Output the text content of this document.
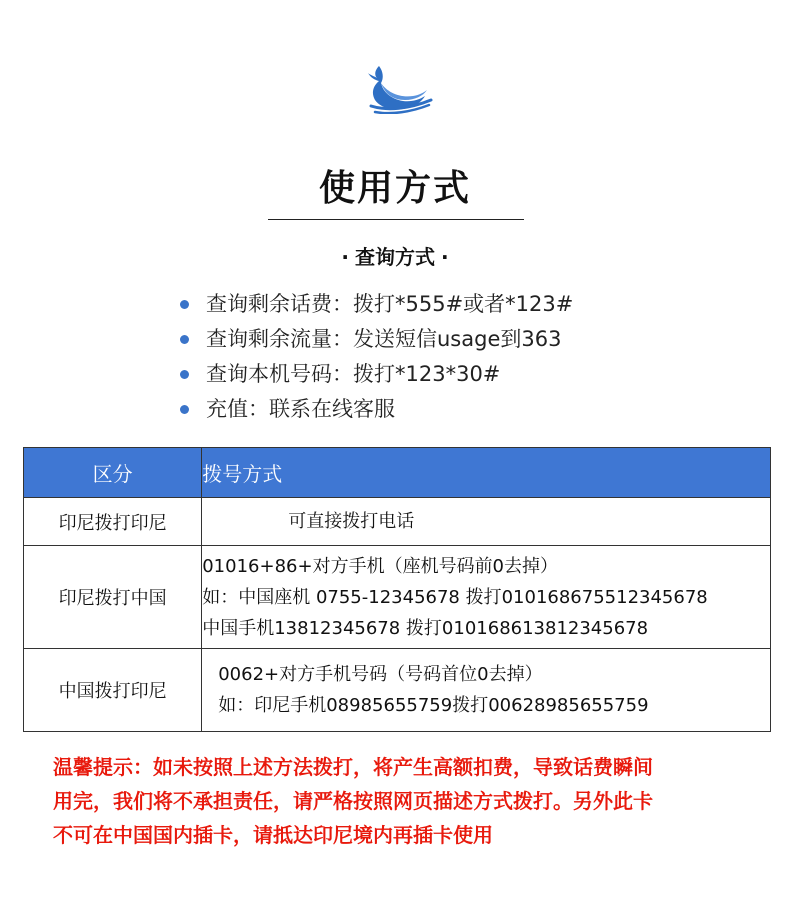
使用方式
· 查询方式 ·
查询剩余话费：拨打*555#或者*123#
查询剩余流量：发送短信usage到363
查询本机号码：拨打*123*30#
充值：联系在线客服
区分	拨号方式
印尼拨打印尼	可直接拨打电话

印尼拨打中国	01016+86+对方手机（座机号码前0去掉）
如：中国座机 0755-12345678 拨打010168675512345678
中国手机13812345678 拨打010168613812345678

中国拨打印尼	0062+对方手机号码（号码首位0去掉）
如：印尼手机08985655759拨打00628985655759
温馨提示：如未按照上述方法拨打，将产生高额扣费，导致话费瞬间
用完，我们将不承担责任，请严格按照网页描述方式拨打。另外此卡
不可在中国国内插卡，请抵达印尼境内再插卡使用
